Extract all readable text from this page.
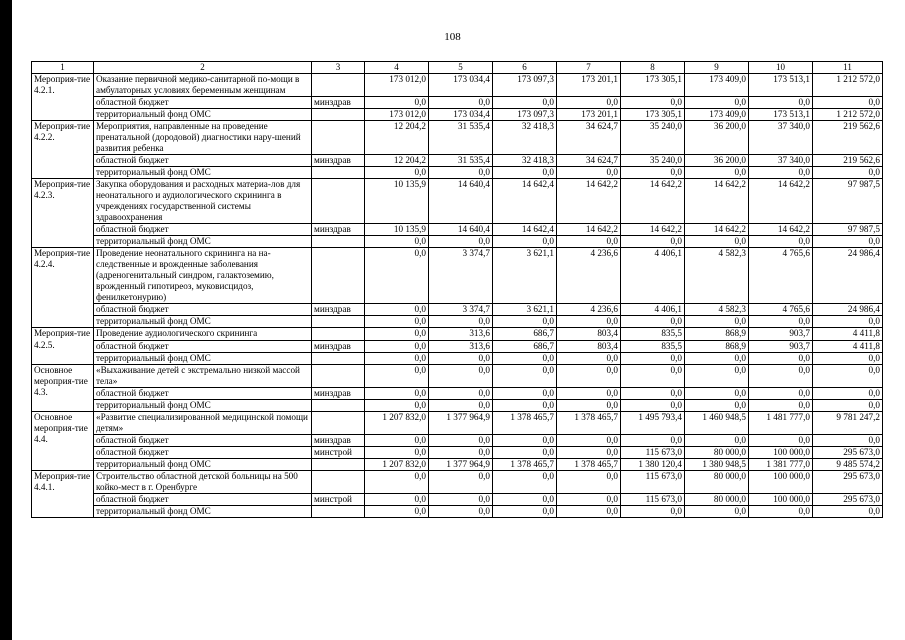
108
1	2	3	4	5	6	7	8	9	10	11
Мероприя-тие 4.2.1.	Оказание первичной медико-санитарной по-мощи в амбулаторных условиях беременным женщинам		173 012,0	173 034,4	173 097,3	173 201,1	173 305,1	173 409,0	173 513,1	1 212 572,0
	областной бюджет	минздрав	0,0	0,0	0,0	0,0	0,0	0,0	0,0	0,0
	территориальный фонд ОМС		173 012,0	173 034,4	173 097,3	173 201,1	173 305,1	173 409,0	173 513,1	1 212 572,0
Мероприя-тие 4.2.2.	Мероприятия, направленные на проведение пренатальной (дородовой) диагностики нару-шений развития ребенка		12 204,2	31 535,4	32 418,3	34 624,7	35 240,0	36 200,0	37 340,0	219 562,6
	областной бюджет	минздрав	12 204,2	31 535,4	32 418,3	34 624,7	35 240,0	36 200,0	37 340,0	219 562,6
	территориальный фонд ОМС		0,0	0,0	0,0	0,0	0,0	0,0	0,0	0,0
Мероприя-тие 4.2.3.	Закупка оборудования и расходных материа-лов для неонатального и аудиологического скрининга в учреждениях государственной системы здравоохранения		10 135,9	14 640,4	14 642,4	14 642,2	14 642,2	14 642,2	14 642,2	97 987,5
	областной бюджет	минздрав	10 135,9	14 640,4	14 642,4	14 642,2	14 642,2	14 642,2	14 642,2	97 987,5
	территориальный фонд ОМС		0,0	0,0	0,0	0,0	0,0	0,0	0,0	0,0
Мероприя-тие 4.2.4.	Проведение неонатального скрининга на на-следственные и врожденные заболевания (адреногенитальный синдром, галактоземию, врожденный гипотиреоз, муковисцидоз, фенилкетонурию)		0,0	3 374,7	3 621,1	4 236,6	4 406,1	4 582,3	4 765,6	24 986,4
	областной бюджет	минздрав	0,0	3 374,7	3 621,1	4 236,6	4 406,1	4 582,3	4 765,6	24 986,4
	территориальный фонд ОМС		0,0	0,0	0,0	0,0	0,0	0,0	0,0	0,0
Мероприя-тие 4.2.5.	Проведение аудиологического скрининга		0,0	313,6	686,7	803,4	835,5	868,9	903,7	4 411,8
	областной бюджет	минздрав	0,0	313,6	686,7	803,4	835,5	868,9	903,7	4 411,8
	территориальный фонд ОМС		0,0	0,0	0,0	0,0	0,0	0,0	0,0	0,0
Основное мероприя-тие 4.3.	«Выхаживание детей с экстремально низкой массой тела»		0,0	0,0	0,0	0,0	0,0	0,0	0,0	0,0
	областной бюджет	минздрав	0,0	0,0	0,0	0,0	0,0	0,0	0,0	0,0
	территориальный фонд ОМС		0,0	0,0	0,0	0,0	0,0	0,0	0,0	0,0
Основное мероприя-тие 4.4.	«Развитие специализированной медицинской помощи детям»		1 207 832,0	1 377 964,9	1 378 465,7	1 378 465,7	1 495 793,4	1 460 948,5	1 481 777,0	9 781 247,2
	областной бюджет	минздрав	0,0	0,0	0,0	0,0	0,0	0,0	0,0	0,0
	областной бюджет	минстрой	0,0	0,0	0,0	0,0	115 673,0	80 000,0	100 000,0	295 673,0
	территориальный фонд ОМС		1 207 832,0	1 377 964,9	1 378 465,7	1 378 465,7	1 380 120,4	1 380 948,5	1 381 777,0	9 485 574,2
Мероприя-тие 4.4.1.	Строительство областной детской больницы на 500 койко-мест в г. Оренбурге		0,0	0,0	0,0	0,0	115 673,0	80 000,0	100 000,0	295 673,0
	областной бюджет	минстрой	0,0	0,0	0,0	0,0	115 673,0	80 000,0	100 000,0	295 673,0
	территориальный фонд ОМС		0,0	0,0	0,0	0,0	0,0	0,0	0,0	0,0
